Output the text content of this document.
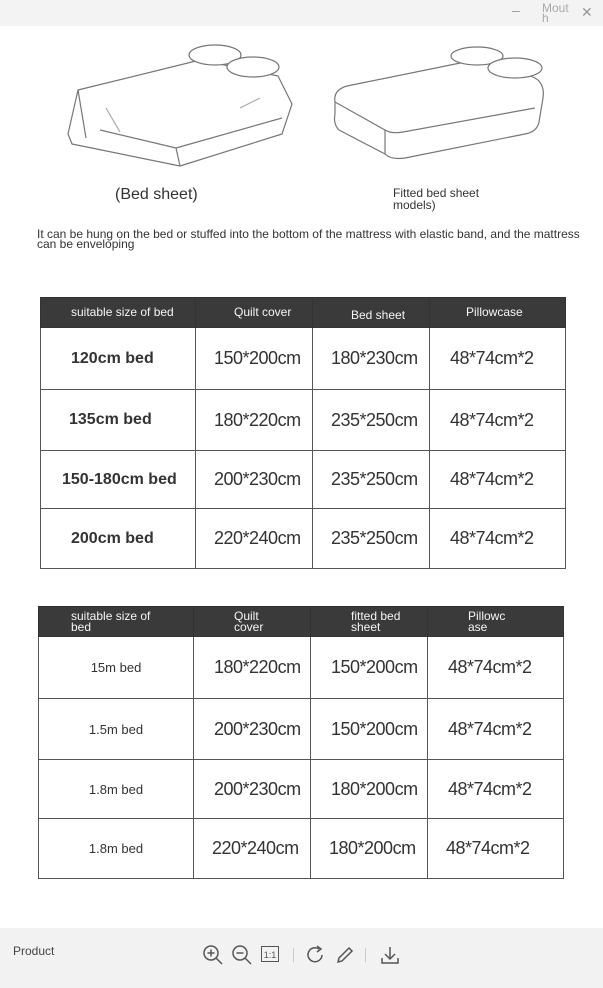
– Mouth	✕
(Bed sheet)	Fitted bed sheet models)
It can be hung on the bed or stuffed into the bottom of the mattress with elastic band, and the mattress can be enveloping
suitable size of bed	Quilt cover	Bed sheet	Pillowcase
120cm bed	150*200cm	180*230cm	48*74cm*2
135cm bed	180*220cm	235*250cm	48*74cm*2
150-180cm bed	200*230cm	235*250cm	48*74cm*2
200cm bed	220*240cm	235*250cm	48*74cm*2
suitable size of bed	Quilt cover	fitted bed sheet	Pillowcase

15m bed	180*220cm	150*200cm	48*74cm*2
1.5m bed	200*230cm	150*200cm	48*74cm*2
1.8m bed	200*230cm	180*200cm	48*74cm*2
1.8m bed	220*240cm	180*200cm	48*74cm*2
Product	1:1
